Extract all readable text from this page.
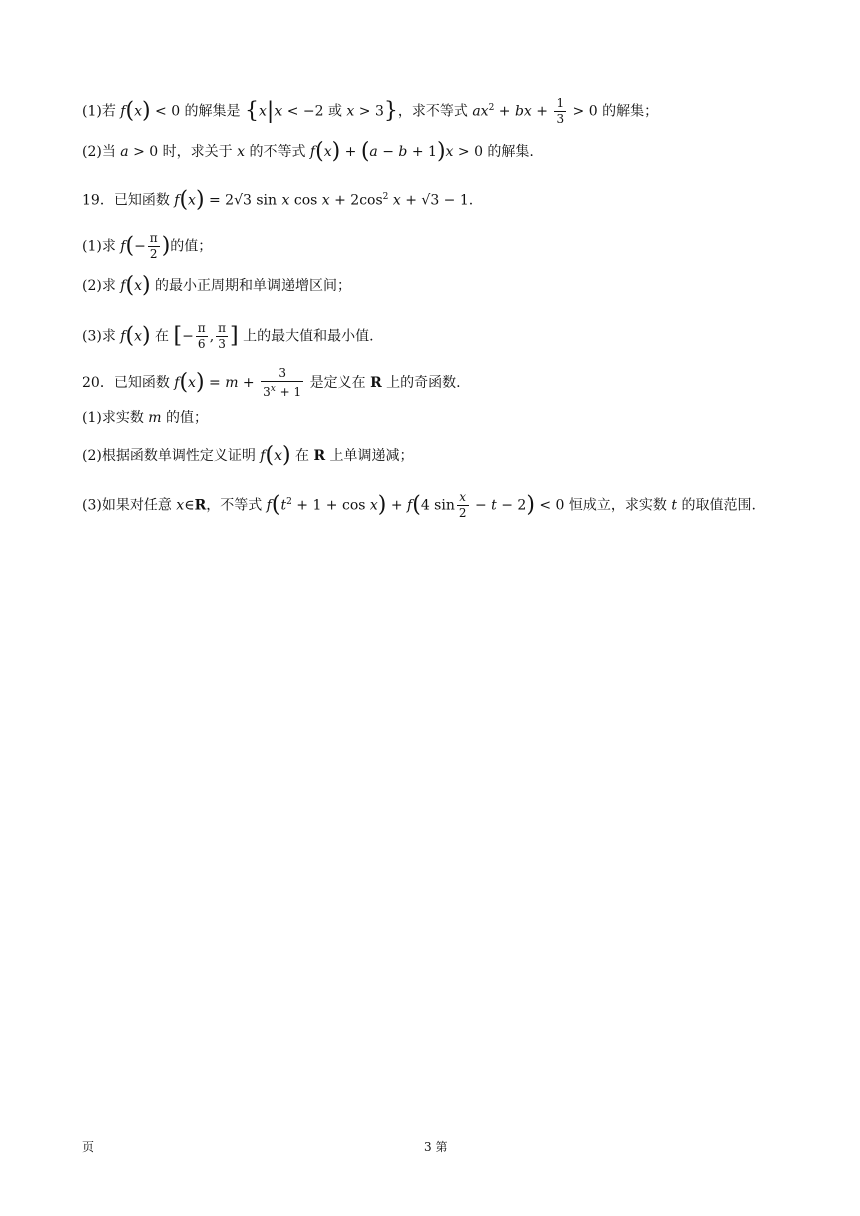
(1)若 f(x) < 0 的解集是 {x|x < −2 或 x > 3}，求不等式 $ax^2$ + bx + $\frac{1}{3} > 0$ 的解集；
(2)当 a > 0 时，求关于 x 的不等式 f(x) + (a − b + 1)x > 0 的解集.
19．已知函数 f(x) = 2√3 sin x $\cos x + 2\cos^2$ x + √3 − 1.
(1)求 $f(- \frac{\pi}{2}$ )的值；
(2)求 f(x) 的最小正周期和单调递增区间；
(3)求 f(x) 在 [− $\frac{\pi}{6}$ , $\frac{\pi}{3}$ ] 上的最大值和最小值.
20．已知函数 $f(x) = m + \frac{3}{3^x + 1}$ 是定义在 R 上的奇函数.
(1)求实数 m 的值；
(2)根据函数单调性定义证明 f(x) 在 R 上单调递减；
(3)如果对任意 x∈R，不等式 $f(t^2 + 1 + \cos x) + f(4$ $\sin \frac{x}{2} - t - 2) < 0$ 恒成立，求实数 t 的取值范围.
页	3 第
